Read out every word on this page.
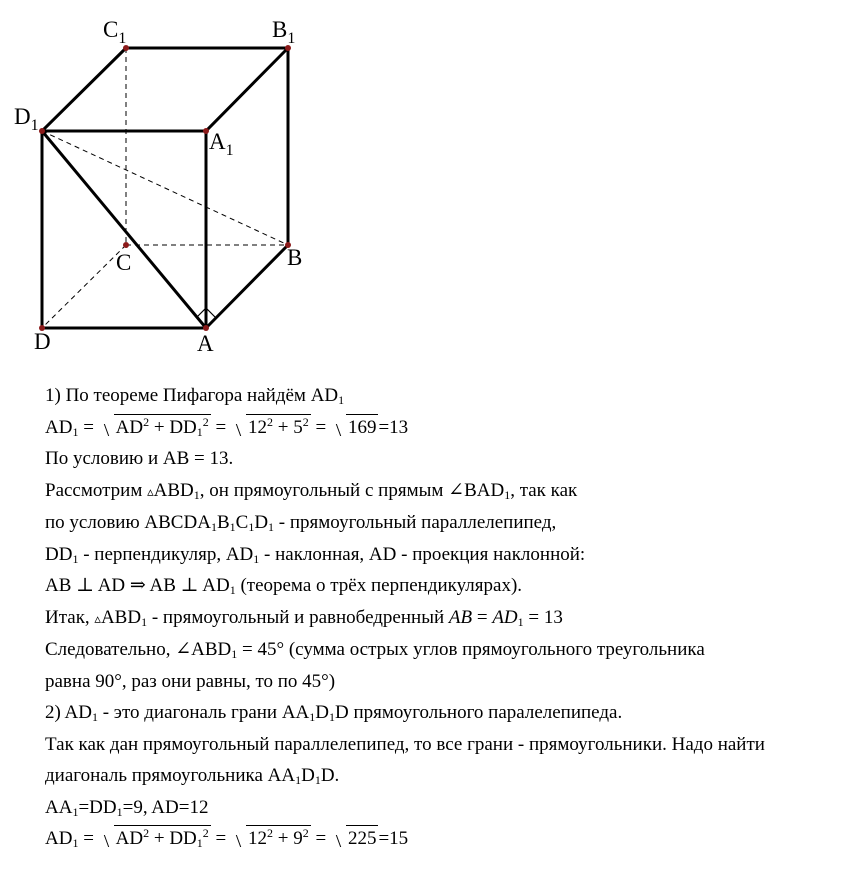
$C_1$	$B_1$
$D_1$
$A_1$
C	B
D	A
1) По теореме Пифагора найдём $AD_1$
$AD_1 = AD^2 + DD_1^2 = 12^2 + 5^2 = 169 =13$
По условию и AB = 13.
Рассмотрим $▵ABD_1$, он прямоугольный с прямым $\angle BAD_1$, так как
по условию $ABCDA_1B_1C_1D_1$ - прямоугольный параллелепипед,
$DD_1$ - перпендикуляр, $AD_1$ - наклонная, AD - проекция наклонной:
AB ⊥ AD ⇒ AB ⊥ $AD_1$ (теорема о трёх перпендикулярах).
Итак, $▵ABD_1$ - прямоугольный и равнобедренный AB = $AD_1 = 13$
Следовательно, $\angle ABD_1 = 45^\circ$ (сумма острых углов прямоугольного треугольника
равна 90°, раз они равны, то по 45°)
2) $AD_1$ - это диагональ грани $AA_1D_1D$ прямоугольного паралелепипеда.
Так как дан прямоугольный параллелепипед, то все грани - прямоугольники. Надо найти
диагональ прямоугольника $AA_1D_1D$.
$AA_1=DD_1=9$, AD=12
$AD_1 = AD^2 + DD_1^2 = 12^2 + 9^2 = 225 =15$
